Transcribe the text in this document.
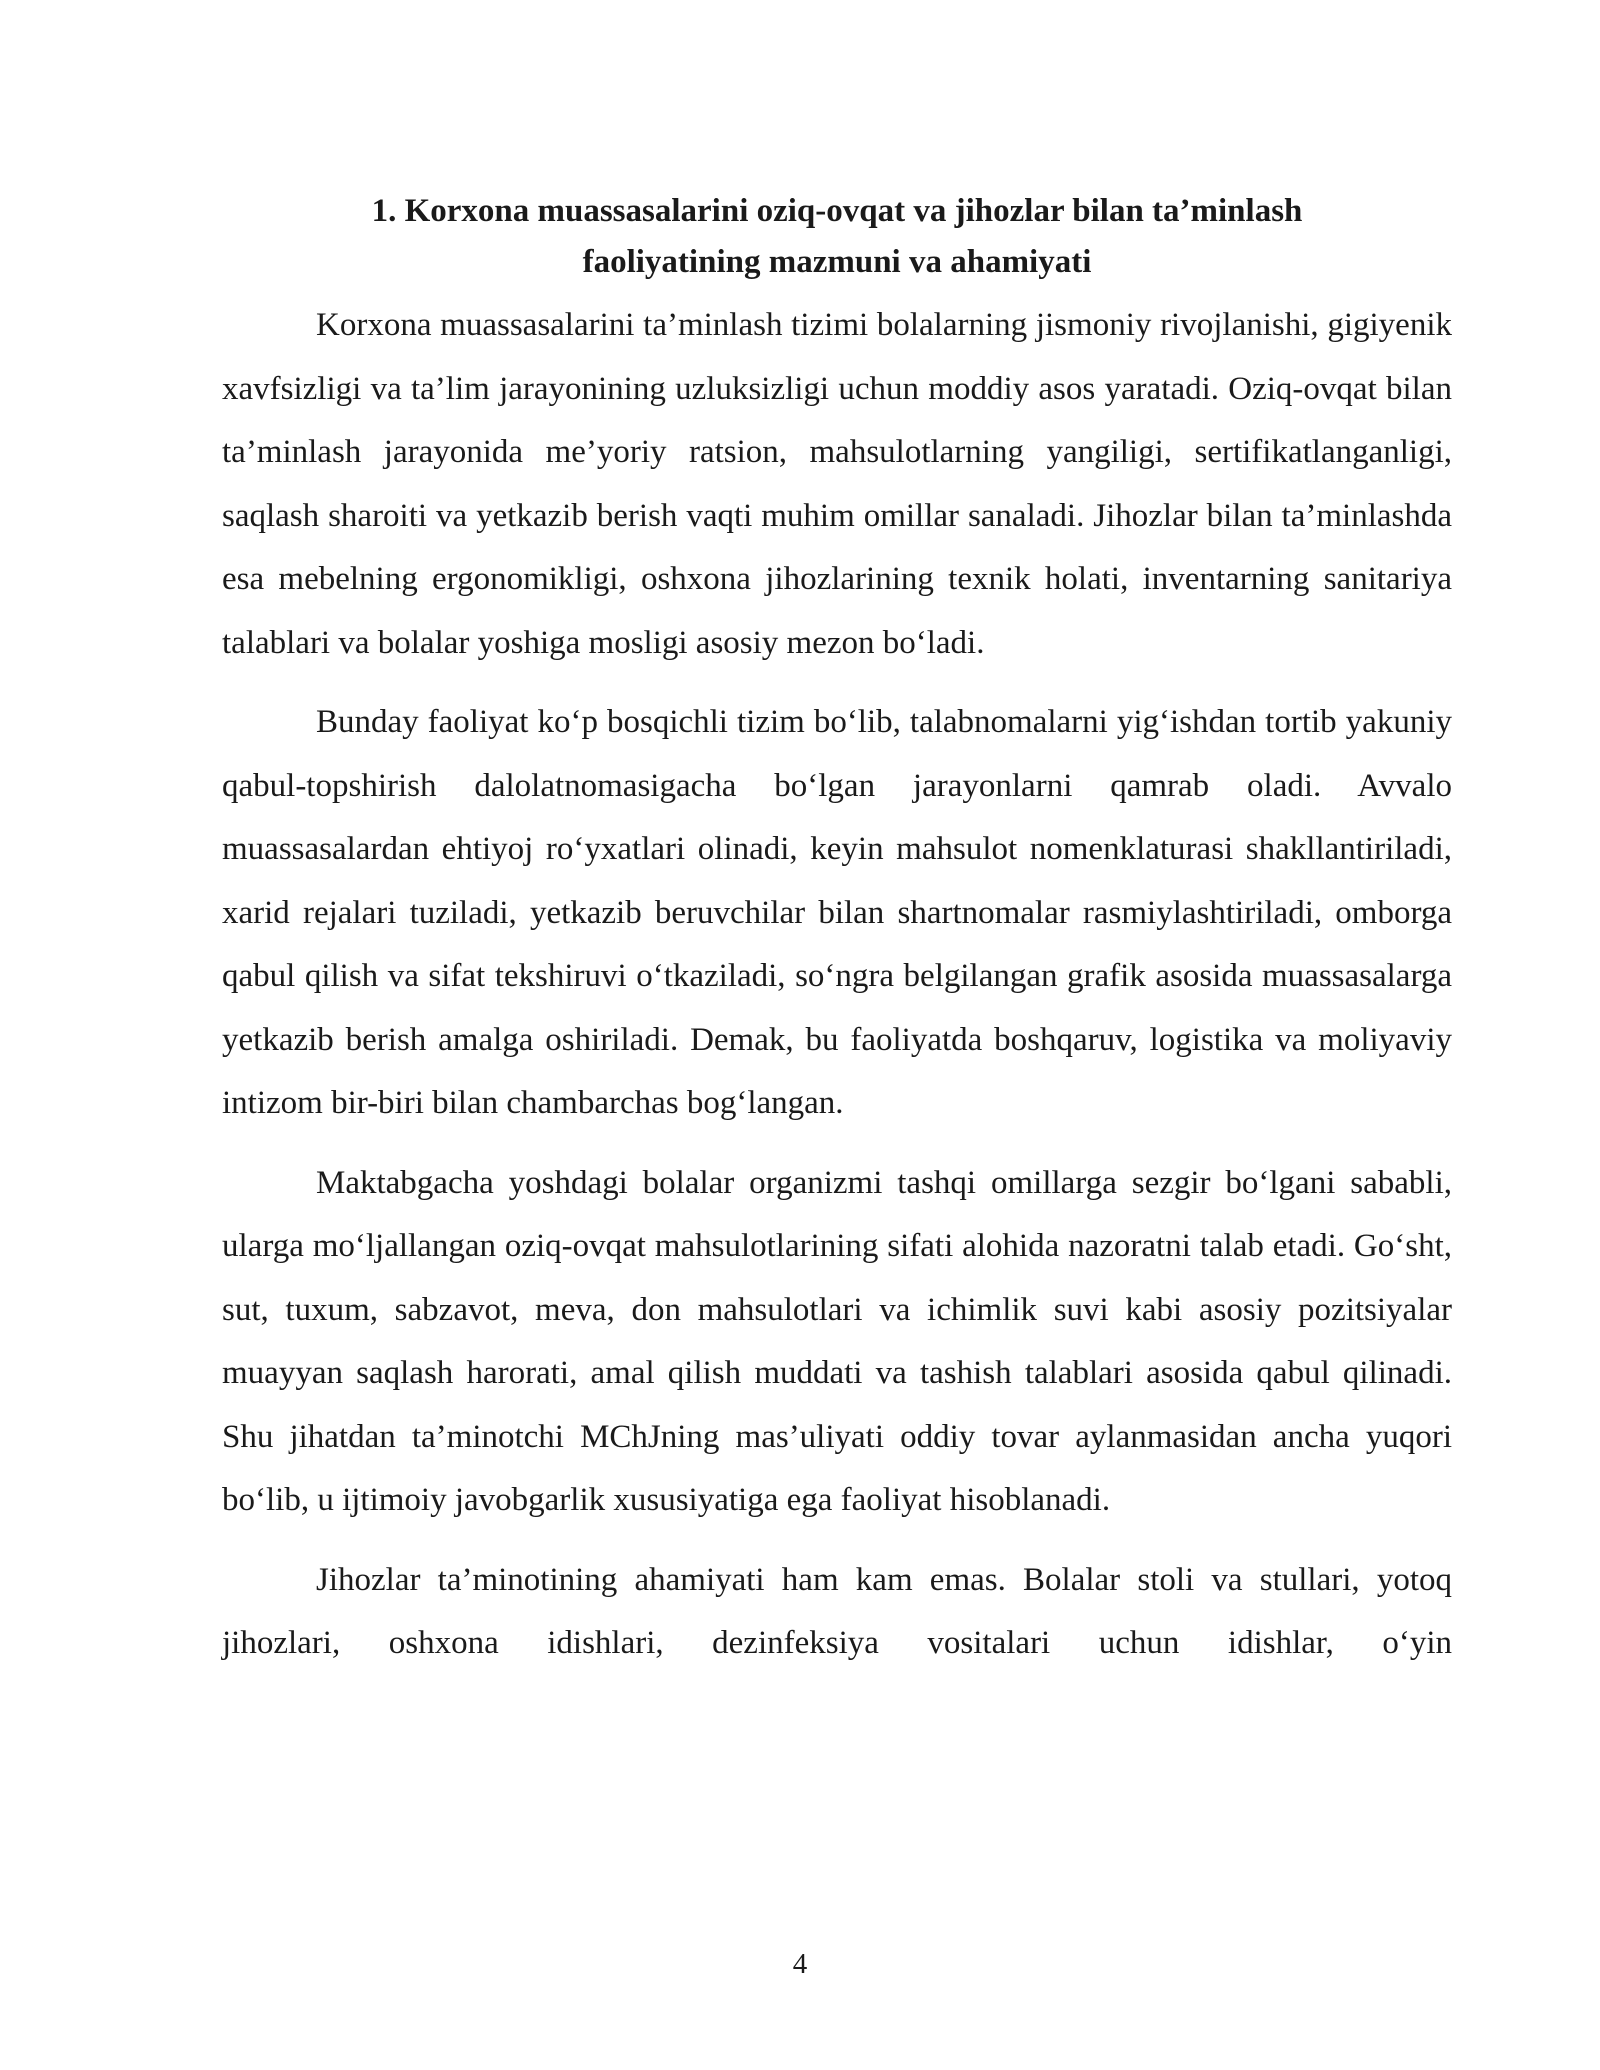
1. Korxona muassasalarini oziq-ovqat va jihozlar bilan ta’minlash
faoliyatining mazmuni va ahamiyati

Korxona muassasalarini ta’minlash tizimi bolalarning jismoniy rivojlanishi, gigiyenik xavfsizligi va ta’lim jarayonining uzluksizligi uchun moddiy asos yaratadi. Oziq-ovqat bilan ta’minlash jarayonida me’yoriy ratsion, mahsulotlarning yangiligi, sertifikatlanganligi, saqlash sharoiti va yetkazib berish vaqti muhim omillar sanaladi. Jihozlar bilan ta’minlashda esa mebelning ergonomikligi, oshxona jihozlarining texnik holati, inventarning sanitariya talablari va bolalar yoshiga mosligi asosiy mezon bo‘ladi.

Bunday faoliyat ko‘p bosqichli tizim bo‘lib, talabnomalarni yig‘ishdan tortib yakuniy qabul-topshirish dalolatnomasigacha bo‘lgan jarayonlarni qamrab oladi. Avvalo muassasalardan ehtiyoj ro‘yxatlari olinadi, keyin mahsulot nomenklaturasi shakllantiriladi, xarid rejalari tuziladi, yetkazib beruvchilar bilan shartnomalar rasmiylashtiriladi, omborga qabul qilish va sifat tekshiruvi o‘tkaziladi, so‘ngra belgilangan grafik asosida muassasalarga yetkazib berish amalga oshiriladi. Demak, bu faoliyatda boshqaruv, logistika va moliyaviy intizom bir-biri bilan chambarchas bog‘langan.

Maktabgacha yoshdagi bolalar organizmi tashqi omillarga sezgir bo‘lgani sababli, ularga mo‘ljallangan oziq-ovqat mahsulotlarining sifati alohida nazoratni talab etadi. Go‘sht, sut, tuxum, sabzavot, meva, don mahsulotlari va ichimlik suvi kabi asosiy pozitsiyalar muayyan saqlash harorati, amal qilish muddati va tashish talablari asosida qabul qilinadi. Shu jihatdan ta’minotchi MChJning mas’uliyati oddiy tovar aylanmasidan ancha yuqori bo‘lib, u ijtimoiy javobgarlik xususiyatiga ega faoliyat hisoblanadi.

Jihozlar ta’minotining ahamiyati ham kam emas. Bolalar stoli va stullari, yotoq jihozlari, oshxona idishlari, dezinfeksiya vositalari uchun idishlar, o‘yin

4
